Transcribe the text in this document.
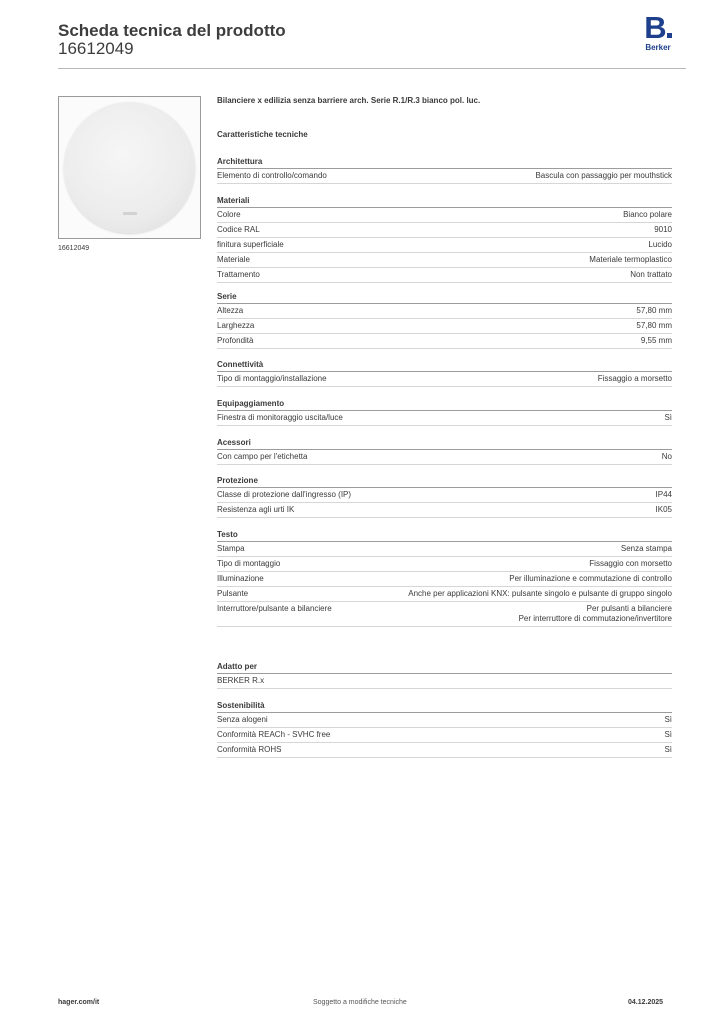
Scheda tecnica del prodotto
16612049
B
Berker
16612049
Bilanciere x edilizia senza barriere arch. Serie R.1/R.3 bianco pol. luc.
Caratteristiche tecniche
Architettura
Elemento di controllo/comando	Bascula con passaggio per mouthstick
Materiali
Colore	Bianco polare
Codice RAL	9010
finitura superficiale	Lucido
Materiale	Materiale termoplastico
Trattamento	Non trattato
Serie
Altezza	57,80 mm
Larghezza	57,80 mm
Profondità	9,55 mm
Connettività
Tipo di montaggio/installazione	Fissaggio a morsetto
Equipaggiamento
Finestra di monitoraggio uscita/luce	Sì
Acessori
Con campo per l'etichetta	No
Protezione
Classe di protezione dall'ingresso (IP)	IP44
Resistenza agli urti IK	IK05
Testo
Stampa	Senza stampa
Tipo di montaggio	Fissaggio con morsetto
Illuminazione	Per illuminazione e commutazione di controllo
Pulsante	Anche per applicazioni KNX: pulsante singolo e pulsante di gruppo singolo
Interruttore/pulsante a bilanciere	Per pulsanti a bilanciere
Per interruttore di commutazione/invertitore
Adatto per
BERKER R.x
Sostenibilità
Senza alogeni	Sì
Conformità REACh - SVHC free	Sì
Conformità ROHS	Sì
hager.com/it	Soggetto a modifiche tecniche	04.12.2025
